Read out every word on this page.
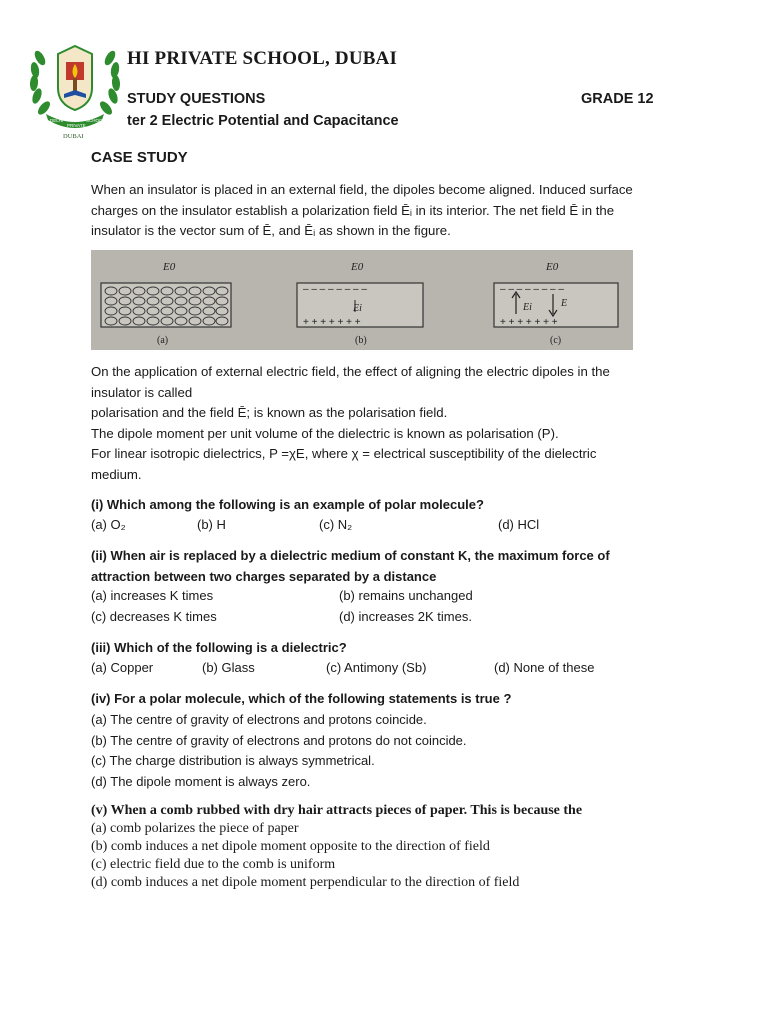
DELHI
PRIVATE
SCHOOL
DUBAI
HI PRIVATE SCHOOL, DUBAI
STUDY QUESTIONS	GRADE 12
ter 2 Electric Potential and Capacitance
CASE STUDY
When an insulator is placed in an external field, the dipoles become aligned. Induced surface
charges on the insulator establish a polarization field Ēᵢ in its interior. The net field Ē in the
insulator is the vector sum of Ē, and Ēᵢ as shown in the figure.
E0
(a)
E0
– – – – – – – –
+ + + + + + +
Ei
(b)
E0
– – – – – – – –
+ + + + + + +
Ei	E
(c)
On the application of external electric field, the effect of aligning the electric dipoles in the
insulator is called
polarisation and the field Ē; is known as the polarisation field.
The dipole moment per unit volume of the dielectric is known as polarisation (P).
For linear isotropic dielectrics, P =χE, where χ = electrical susceptibility of the dielectric
medium.
(i) Which among the following is an example of polar molecule?
(a) O₂	(b) H	(c) N₂	(d) HCl
(ii) When air is replaced by a dielectric medium of constant K, the maximum force of
attraction between two charges separated by a distance
(a) increases K times	(b) remains unchanged
(c) decreases K times	(d) increases 2K times.
(iii) Which of the following is a dielectric?
(a) Copper	(b) Glass	(c) Antimony (Sb)	(d) None of these
(iv) For a polar molecule, which of the following statements is true ?
(a) The centre of gravity of electrons and protons coincide.
(b) The centre of gravity of electrons and protons do not coincide.
(c) The charge distribution is always symmetrical.
(d) The dipole moment is always zero.
(v) When a comb rubbed with dry hair attracts pieces of paper. This is because the
(a) comb polarizes the piece of paper
(b) comb induces a net dipole moment opposite to the direction of field
(c) electric field due to the comb is uniform
(d) comb induces a net dipole moment perpendicular to the direction of field
